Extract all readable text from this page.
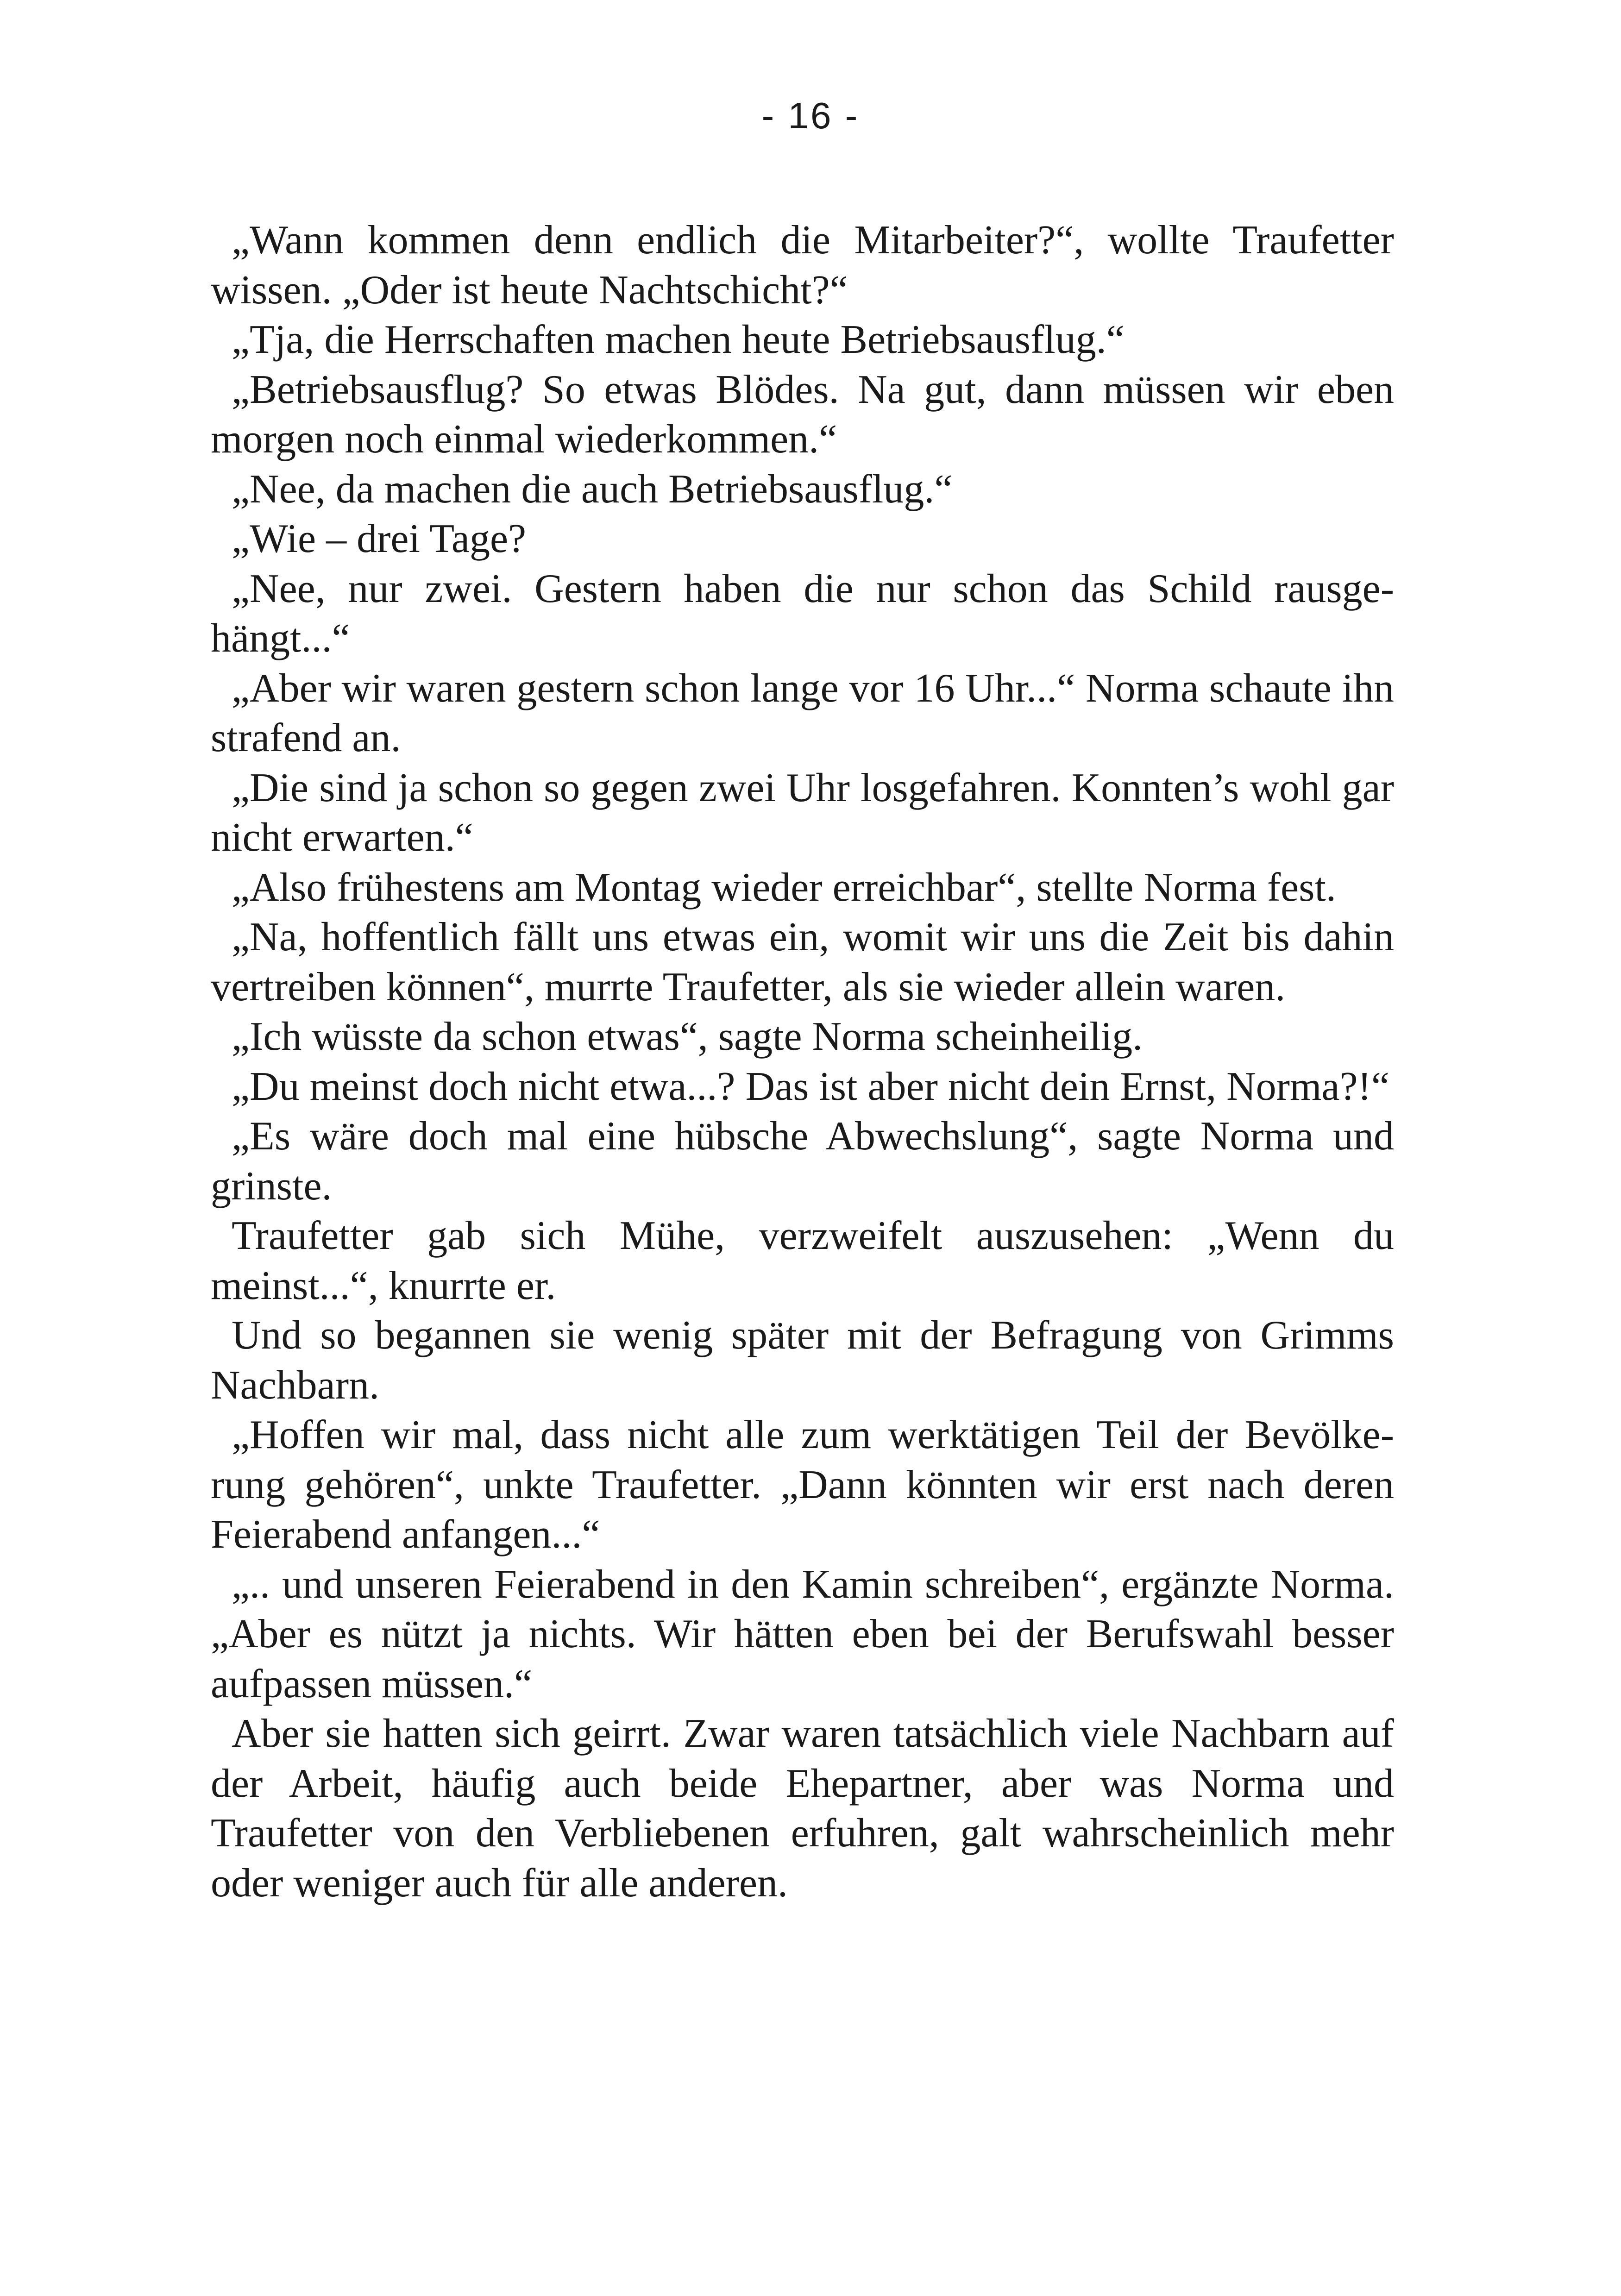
- 16 -

„Wann kommen denn endlich die Mitarbeiter?“, wollte Traufetter wissen. „Oder ist heute Nachtschicht?“

„Tja, die Herrschaften machen heute Betriebsausflug.“

„Betriebsausflug? So etwas Blödes. Na gut, dann müssen wir eben morgen noch einmal wiederkommen.“

„Nee, da machen die auch Betriebsausflug.“

„Wie – drei Tage?

„Nee, nur zwei. Gestern haben die nur schon das Schild rausge-hängt...“

„Aber wir waren gestern schon lange vor 16 Uhr...“ Norma schaute ihn strafend an.

„Die sind ja schon so gegen zwei Uhr losgefahren. Konnten’s wohl gar nicht erwarten.“

„Also frühestens am Montag wieder erreichbar“, stellte Norma fest.

„Na, hoffentlich fällt uns etwas ein, womit wir uns die Zeit bis dahin vertreiben können“, murrte Traufetter, als sie wieder allein waren.

„Ich wüsste da schon etwas“, sagte Norma scheinheilig.

„Du meinst doch nicht etwa...? Das ist aber nicht dein Ernst, Norma?!“

„Es wäre doch mal eine hübsche Abwechslung“, sagte Norma und grinste.

Traufetter gab sich Mühe, verzweifelt auszusehen: „Wenn du meinst...“, knurrte er.

Und so begannen sie wenig später mit der Befragung von Grimms Nachbarn.

„Hoffen wir mal, dass nicht alle zum werktätigen Teil der Bevölke-rung gehören“, unkte Traufetter. „Dann könnten wir erst nach deren Feierabend anfangen...“

„.. und unseren Feierabend in den Kamin schreiben“, ergänzte Norma. „Aber es nützt ja nichts. Wir hätten eben bei der Berufswahl besser aufpassen müssen.“

Aber sie hatten sich geirrt. Zwar waren tatsächlich viele Nachbarn auf der Arbeit, häufig auch beide Ehepartner, aber was Norma und Traufetter von den Verbliebenen erfuhren, galt wahrscheinlich mehr oder weniger auch für alle anderen.
